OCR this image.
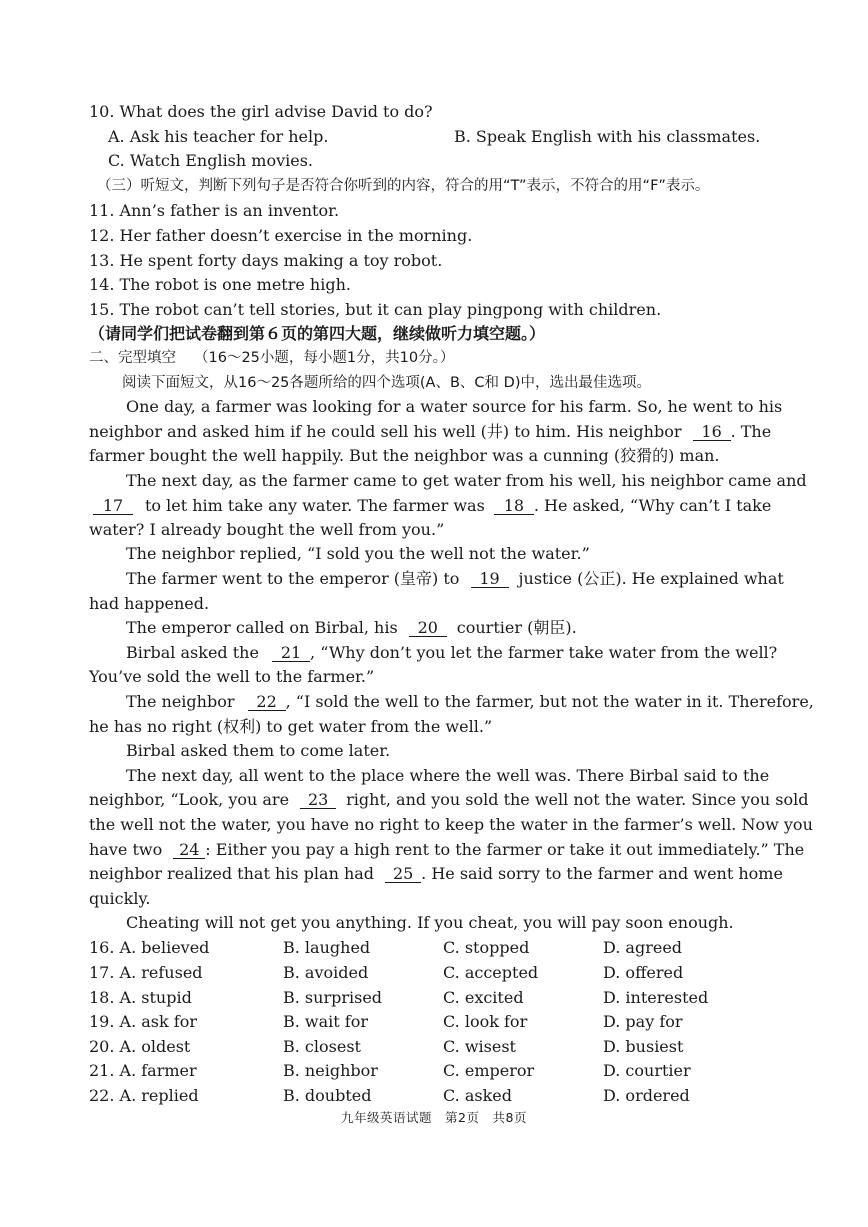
10. What does the girl advise David to do?
A. Ask his teacher for help.	B. Speak English with his classmates.
C. Watch English movies.
（三）听短文，判断下列句子是否符合你听到的内容，符合的用“T”表示，不符合的用“F”表示。
11. Ann’s father is an inventor.
12. Her father doesn’t exercise in the morning.
13. He spent forty days making a toy robot.
14. The robot is one metre high.
15. The robot can’t tell stories, but it can play pingpong with children.
（请同学们把试卷翻到第６页的第四大题，继续做听力填空题。）
二、完型填空 （16～25小题，每小题1分，共10分。）
阅读下面短文，从16～25各题所给的四个选项(A、B、C和 D)中，选出最佳选项。
One day, a farmer was looking for a water source for his farm. So, he went to his
neighbor and asked him if he could sell his well (井) to him. His neighbor 16 . The
farmer bought the well happily. But the neighbor was a cunning (狡猾的) man.
The next day, as the farmer came to get water from his well, his neighbor came and
17 to let him take any water. The farmer was 18 . He asked, “Why can’t I take
water? I already bought the well from you.”
The neighbor replied, “I sold you the well not the water.”
The farmer went to the emperor (皇帝) to 19 justice (公正). He explained what
had happened.
The emperor called on Birbal, his 20 courtier (朝臣).
Birbal asked the 21 , “Why don’t you let the farmer take water from the well?
You’ve sold the well to the farmer.”
The neighbor 22 , “I sold the well to the farmer, but not the water in it. Therefore,
he has no right (权利) to get water from the well.”
Birbal asked them to come later.
The next day, all went to the place where the well was. There Birbal said to the
neighbor, “Look, you are 23 right, and you sold the well not the water. Since you sold
the well not the water, you have no right to keep the water in the farmer’s well. Now you
have two 24 : Either you pay a high rent to the farmer or take it out immediately.” The
neighbor realized that his plan had 25 . He said sorry to the farmer and went home
quickly.
Cheating will not get you anything. If you cheat, you will pay soon enough.
16. A. believed	B. laughed	C. stopped	D. agreed
17. A. refused	B. avoided	C. accepted	D. offered
18. A. stupid	B. surprised	C. excited	D. interested
19. A. ask for	B. wait for	C. look for	D. pay for
20. A. oldest	B. closest	C. wisest	D. busiest
21. A. farmer	B. neighbor	C. emperor	D. courtier
22. A. replied	B. doubted	C. asked	D. ordered
九年级英语试题　第2页　共8页
